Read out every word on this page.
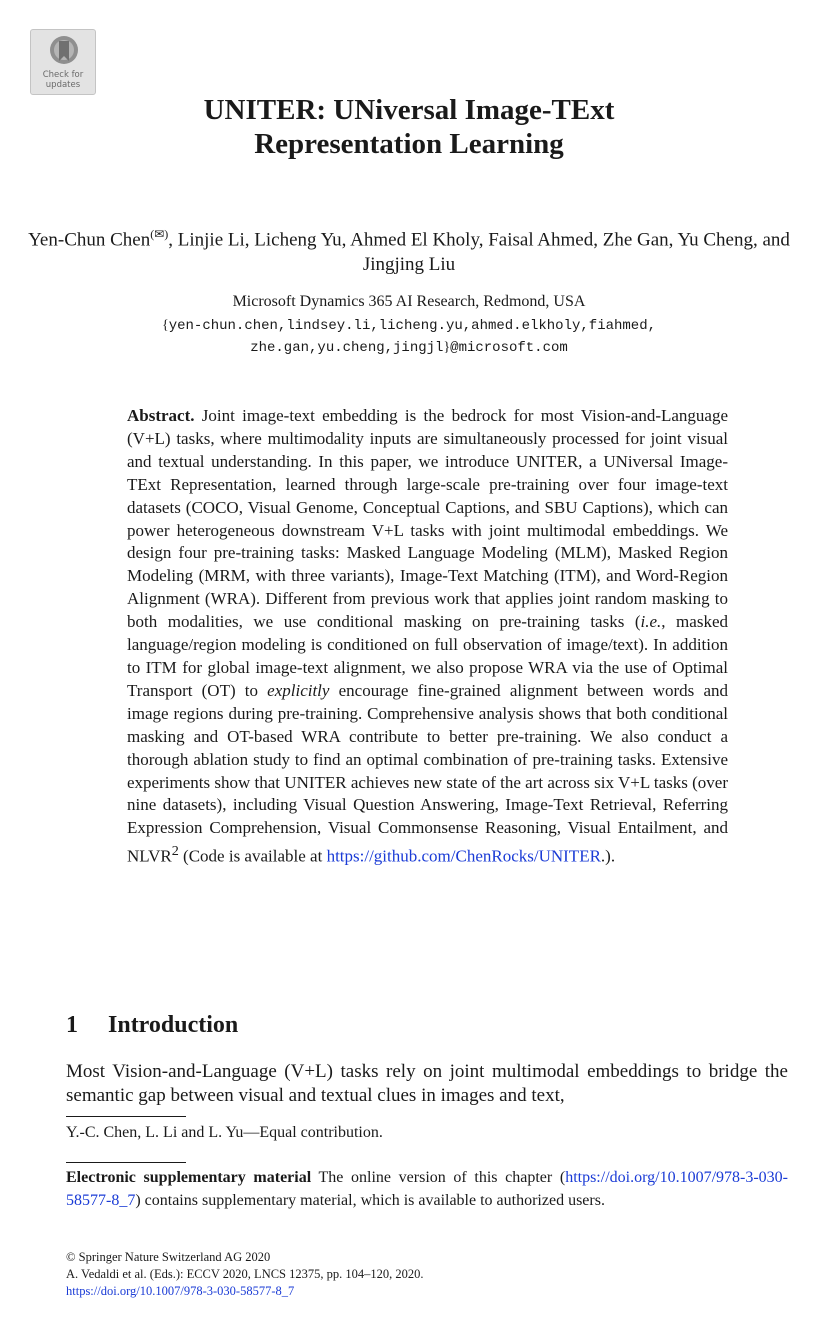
Check for updates
UNITER: UNiversal Image-TExt
Representation Learning
Yen-Chun Chen(✉), Linjie Li, Licheng Yu, Ahmed El Kholy, Faisal Ahmed, Zhe Gan, Yu Cheng, and Jingjing Liu
Microsoft Dynamics 365 AI Research, Redmond, USA
{yen-chun.chen,lindsey.li,licheng.yu,ahmed.elkholy,fiahmed,
zhe.gan,yu.cheng,jingjl}@microsoft.com

Abstract. Joint image-text embedding is the bedrock for most Vision-and-Language (V+L) tasks, where multimodality inputs are simultaneously processed for joint visual and textual understanding. In this paper, we introduce UNITER, a UNiversal Image-TExt Representation, learned through large-scale pre-training over four image-text datasets (COCO, Visual Genome, Conceptual Captions, and SBU Captions), which can power heterogeneous downstream V+L tasks with joint multimodal embeddings. We design four pre-training tasks: Masked Language Modeling (MLM), Masked Region Modeling (MRM, with three variants), Image-Text Matching (ITM), and Word-Region Alignment (WRA). Different from previous work that applies joint random masking to both modalities, we use conditional masking on pre-training tasks (i.e., masked language/region modeling is conditioned on full observation of image/text). In addition to ITM for global image-text alignment, we also propose WRA via the use of Optimal Transport (OT) to explicitly encourage fine-grained alignment between words and image regions during pre-training. Comprehensive analysis shows that both conditional masking and OT-based WRA contribute to better pre-training. We also conduct a thorough ablation study to find an optimal combination of pre-training tasks. Extensive experiments show that UNITER achieves new state of the art across six V+L tasks (over nine datasets), including Visual Question Answering, Image-Text Retrieval, Referring Expression Comprehension, Visual Commonsense Reasoning, Visual Entailment, and NLVR$^2$ (Code is available at https://github.com/ChenRocks/UNITER.).

1 Introduction

Most Vision-and-Language (V+L) tasks rely on joint multimodal embeddings to bridge the semantic gap between visual and textual clues in images and text,

Y.-C. Chen, L. Li and L. Yu—Equal contribution.

Electronic supplementary material The online version of this chapter (https://doi.org/10.1007/978-3-030-58577-8_7) contains supplementary material, which is available to authorized users.

© Springer Nature Switzerland AG 2020
A. Vedaldi et al. (Eds.): ECCV 2020, LNCS 12375, pp. 104–120, 2020.
https://doi.org/10.1007/978-3-030-58577-8_7
